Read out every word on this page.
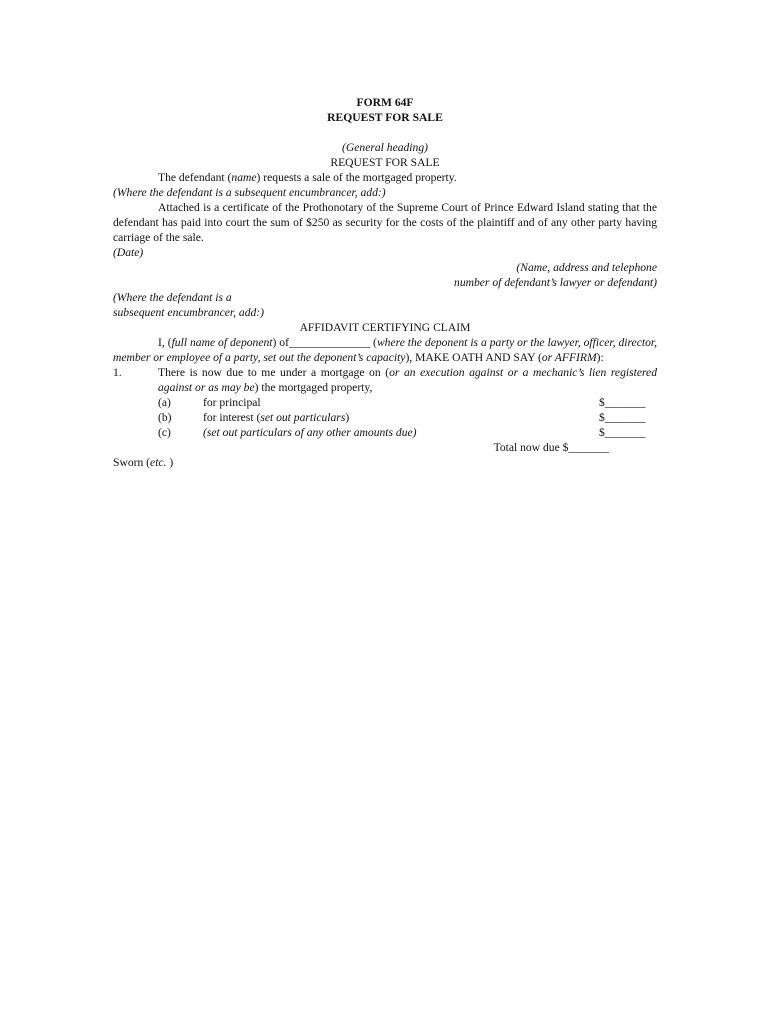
FORM 64F

REQUEST FOR SALE

(General heading)

REQUEST FOR SALE

The defendant (name) requests a sale of the mortgaged property.

(Where the defendant is a subsequent encumbrancer, add:)

Attached is a certificate of the Prothonotary of the Supreme Court of Prince Edward Island stating that the defendant has paid into court the sum of $250 as security for the costs of the plaintiff and of any other party having carriage of the sale.

(Date)

(Name, address and telephone

number of defendant’s lawyer or defendant)

(Where the defendant is a

subsequent encumbrancer, add:)

AFFIDAVIT CERTIFYING CLAIM

I, (full name of deponent) of______________ (where the deponent is a party or the lawyer, officer, director, member or employee of a party, set out the deponent’s capacity), MAKE OATH AND SAY (or AFFIRM):

1.	There is now due to me under a mortgage on (or an execution against or a mechanic’s lien registered against or as may be) the mortgaged property,
(a)	for principal	$_______
(b)	for interest (set out particulars)	$_______
(c)	(set out particulars of any other amounts due)	$_______
Total now due $_______

Sworn (etc. )
